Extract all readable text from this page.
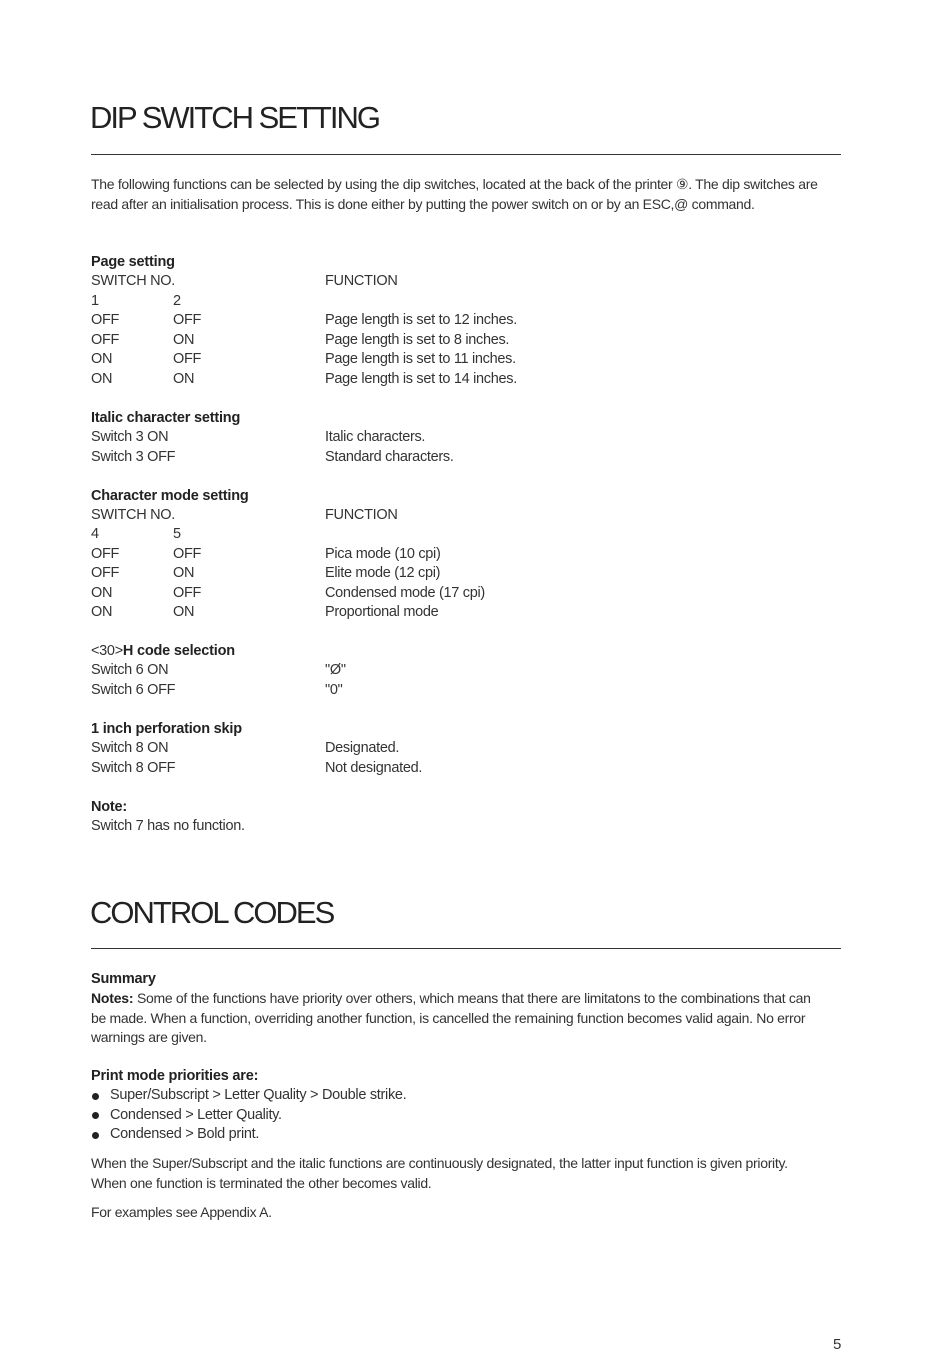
DIP SWITCH SETTING

The following functions can be selected by using the dip switches, located at the back of the printer ⑨. The dip switches are read after an initialisation process. This is done either by putting the power switch on or by an ESC,@ command.

Page setting
SWITCH NO.	FUNCTION
1	2
OFF	OFF	Page length is set to 12 inches.
OFF	ON	Page length is set to 8 inches.
ON	OFF	Page length is set to 11 inches.
ON	ON	Page length is set to 14 inches.
Italic character setting
Switch 3 ON	Italic characters.
Switch 3 OFF	Standard characters.
Character mode setting
SWITCH NO.	FUNCTION
4	5
OFF	OFF	Pica mode (10 cpi)
OFF	ON	Elite mode (12 cpi)
ON	OFF	Condensed mode (17 cpi)
ON	ON	Proportional mode
<30>H code selection
Switch 6 ON	"Ø"
Switch 6 OFF	"0"
1 inch perforation skip
Switch 8 ON	Designated.
Switch 8 OFF	Not designated.
Note:
Switch 7 has no function.
CONTROL CODES
Summary

Notes: Some of the functions have priority over others, which means that there are limitatons to the combinations that can be made. When a function, overriding another function, is cancelled the remaining function becomes valid again. No error warnings are given.

Print mode priorities are:
Super/Subscript > Letter Quality > Double strike.
Condensed > Letter Quality.
Condensed > Bold print.

When the Super/Subscript and the italic functions are continuously designated, the latter input function is given priority. When one function is terminated the other becomes valid.

For examples see Appendix A.

5
